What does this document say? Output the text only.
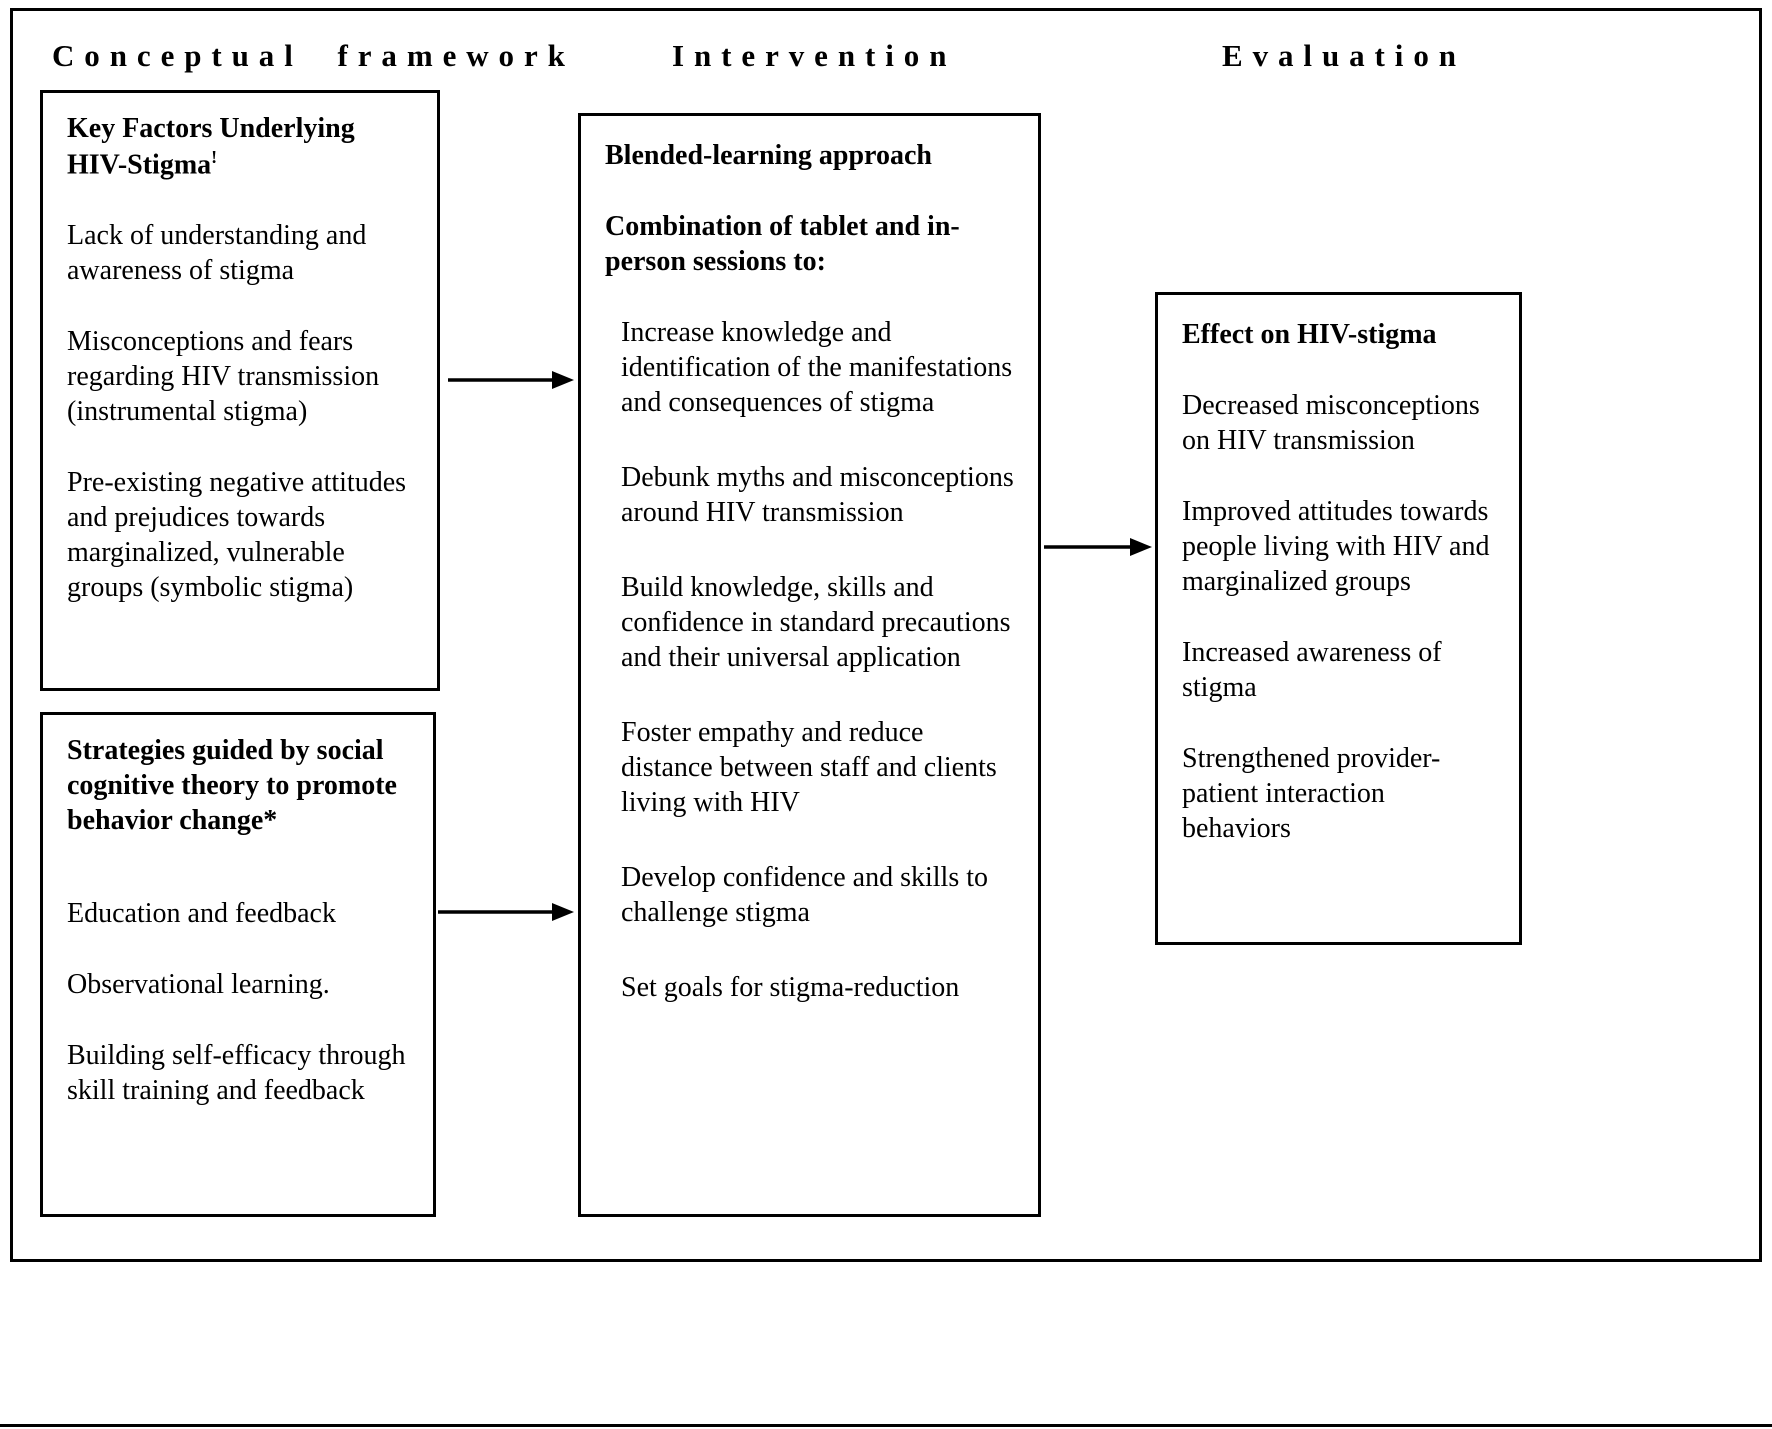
Conceptual framework	Intervention	Evaluation

Key Factors Underlying HIV-Stigma!

Lack of understanding and awareness of stigma

Misconceptions and fears regarding HIV transmission (instrumental stigma)

Pre-existing negative attitudes and prejudices towards marginalized, vulnerable groups (symbolic stigma)

Strategies guided by social cognitive theory to promote behavior change*

Education and feedback

Observational learning.

Building self-efficacy through skill training and feedback

Blended-learning approach

Combination of tablet and in-person sessions to:

Increase knowledge and identification of the manifestations and consequences of stigma

Debunk myths and misconceptions around HIV transmission

Build knowledge, skills and confidence in standard precautions and their universal application

Foster empathy and reduce distance between staff and clients living with HIV

Develop confidence and skills to challenge stigma

Set goals for stigma-reduction

Effect on HIV-stigma

Decreased misconceptions on HIV transmission

Improved attitudes towards people living with HIV and marginalized groups

Increased awareness of stigma

Strengthened provider-patient interaction behaviors
